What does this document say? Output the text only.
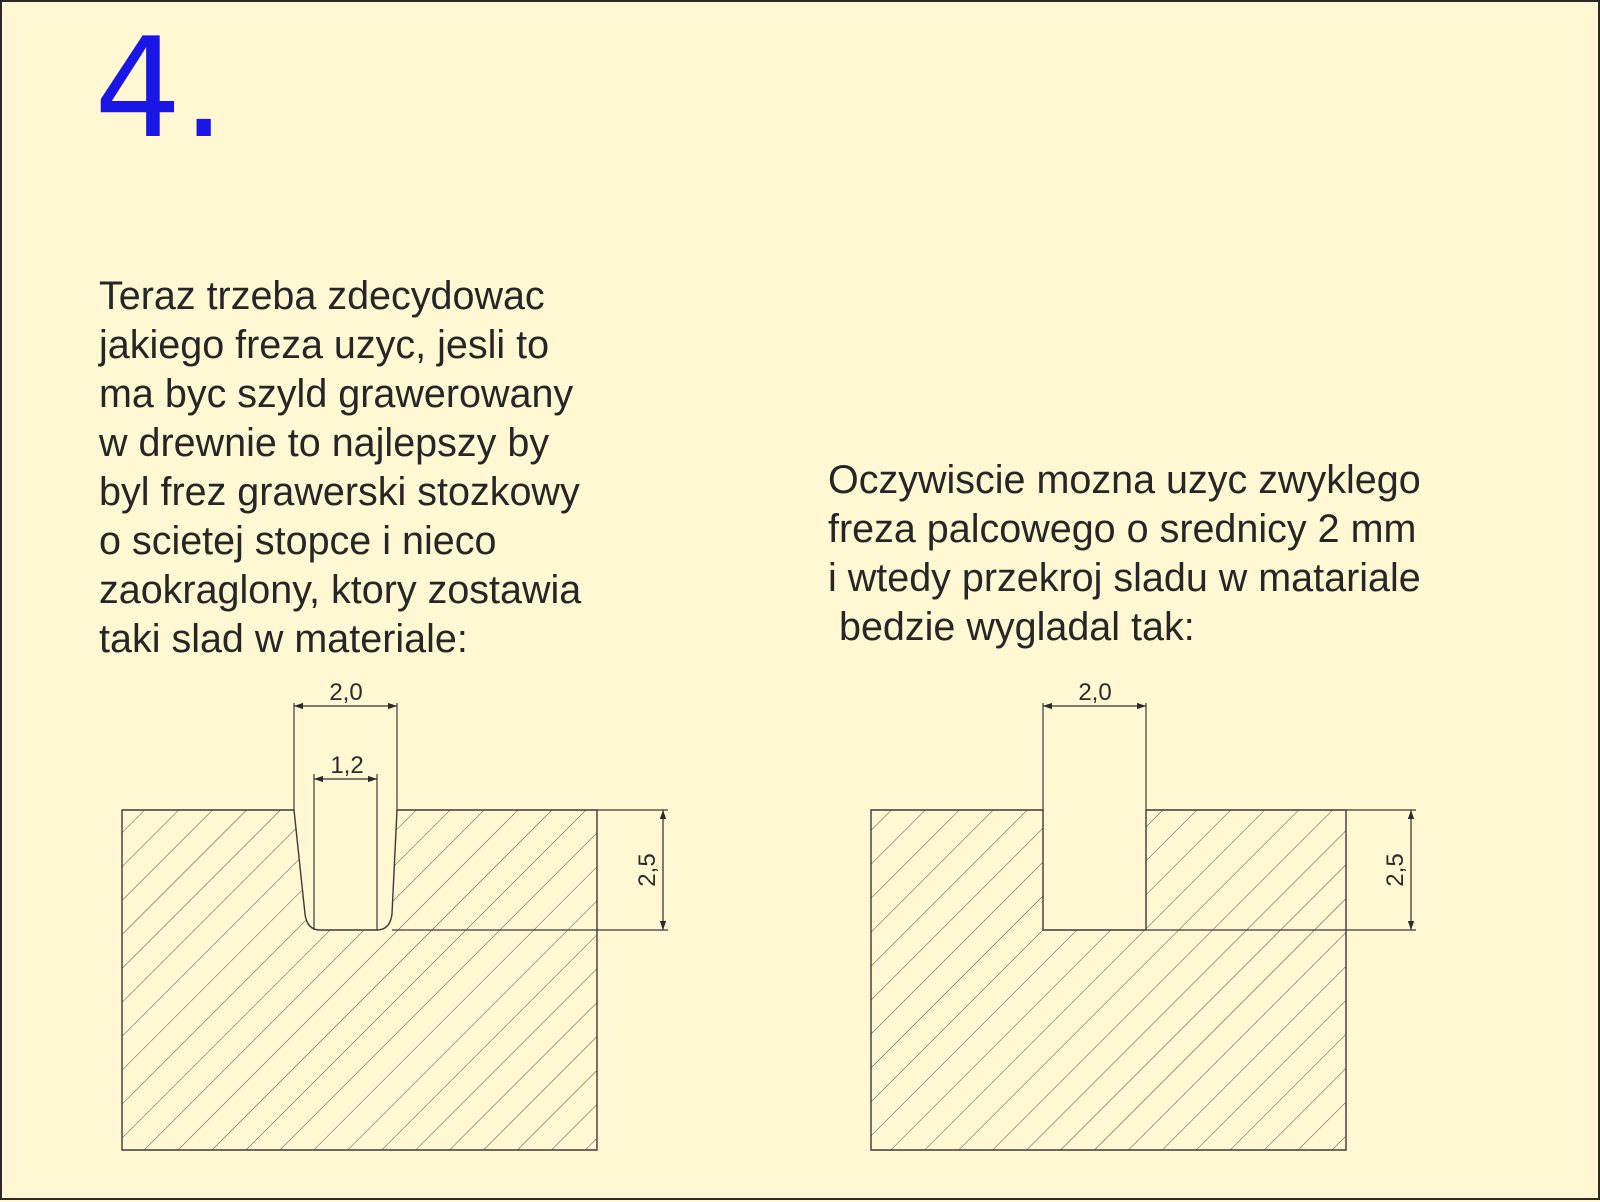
4.

Teraz trzeba zdecydowac
jakiego freza uzyc, jesli to
ma byc szyld grawerowany
w drewnie to najlepszy by
byl frez grawerski stozkowy
o scietej stopce i nieco
zaokraglony, ktory zostawia
taki slad w materiale:

Oczywiscie mozna uzyc zwyklego
freza palcowego o srednicy 2 mm
i wtedy przekroj sladu w matariale
bedzie wygladal tak:

2,0
1,2
2,5
2,0
2,5
